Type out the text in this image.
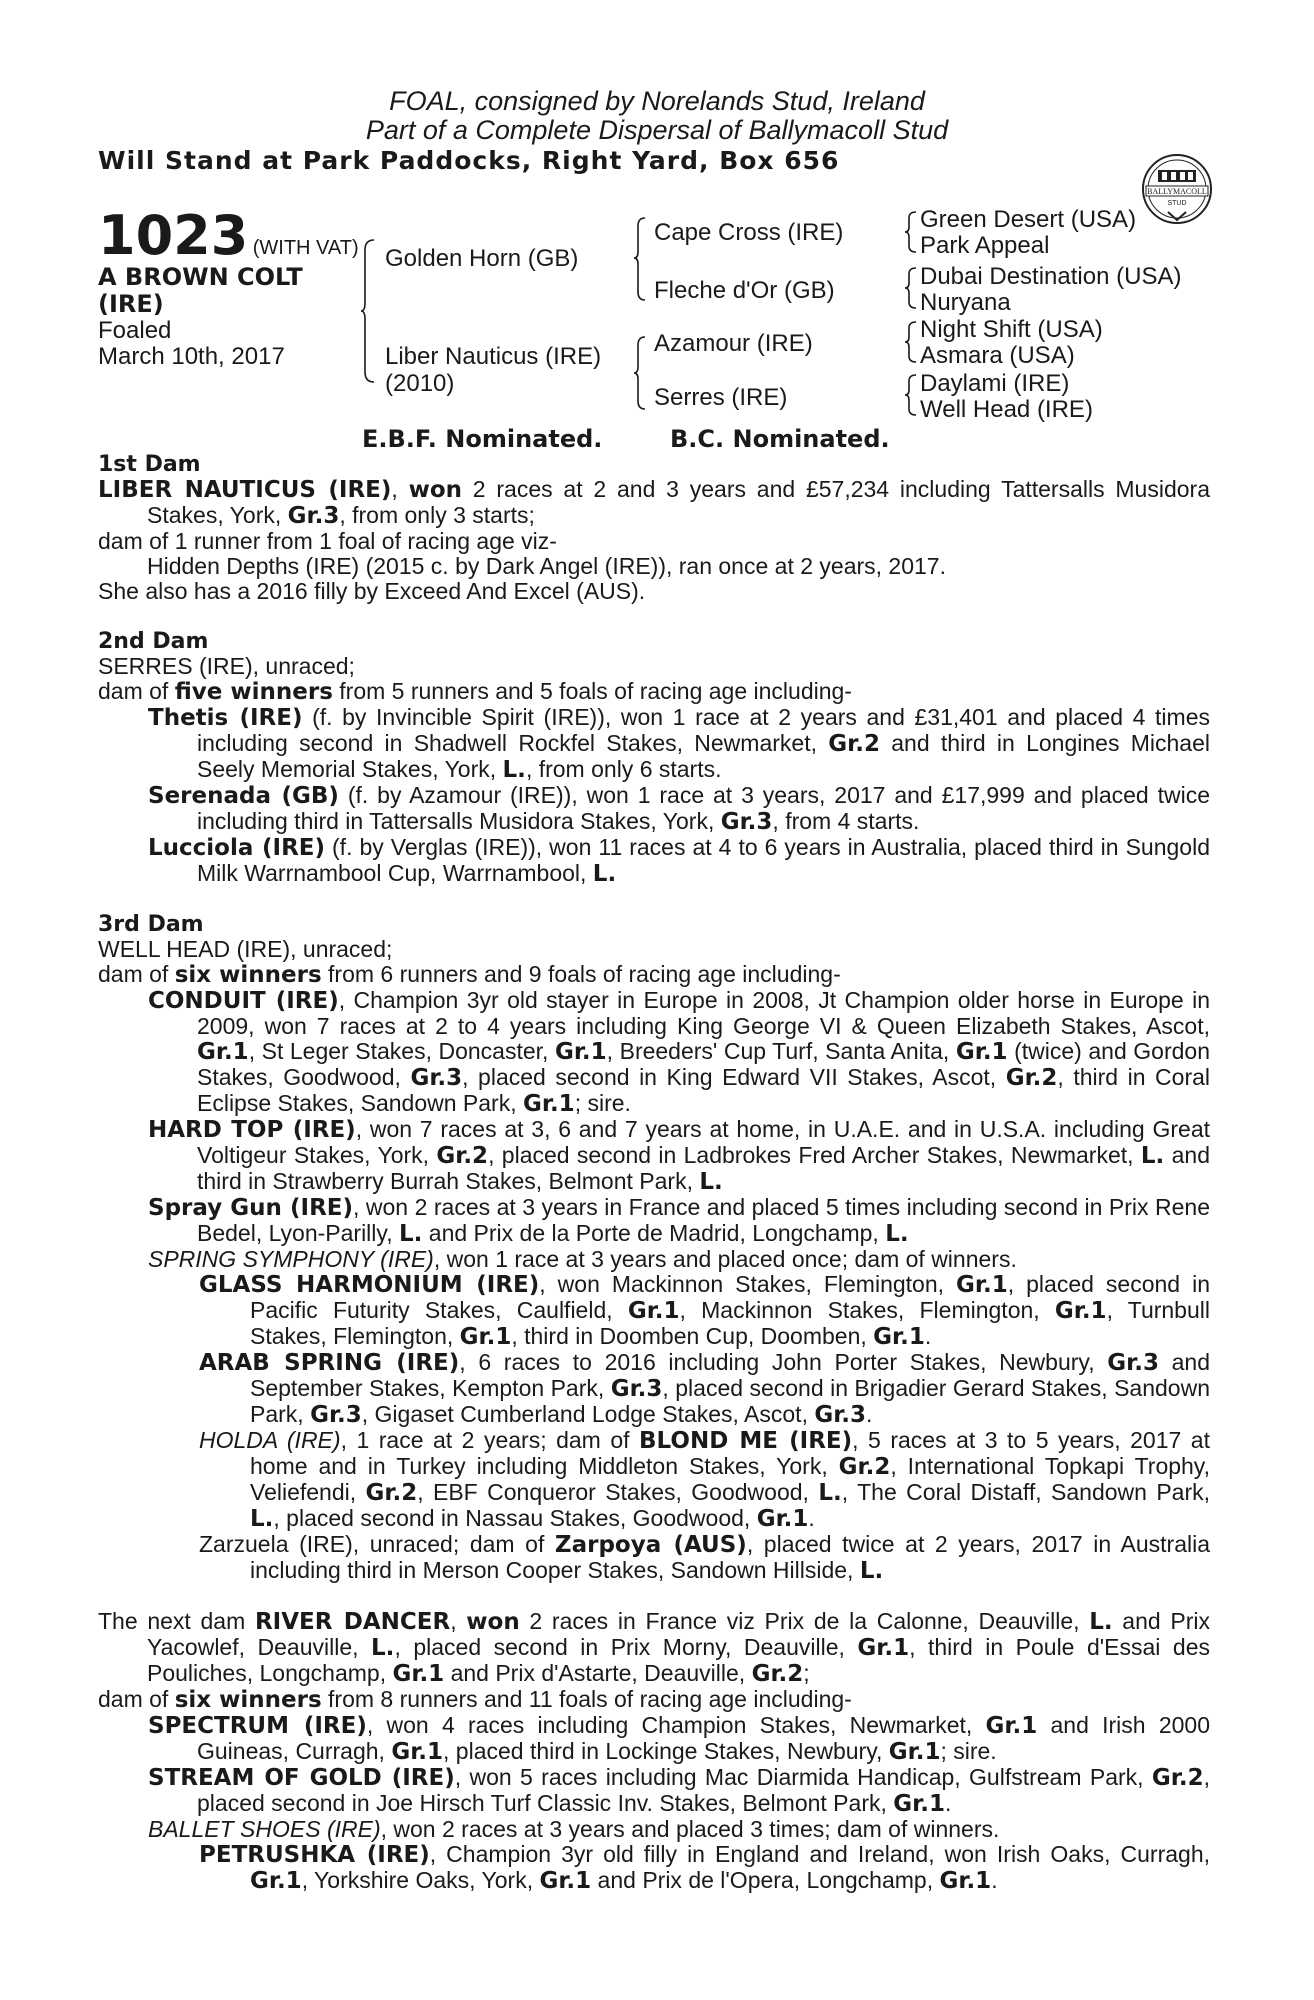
FOAL, consigned by Norelands Stud, Ireland
Part of a Complete Dispersal of Ballymacoll Stud
Will Stand at Park Paddocks, Right Yard, Box 656
BALLYMACOLL
STUD
1023 (WITH VAT)
A BROWN COLT
(IRE)
Foaled
March 10th, 2017
Golden Horn (GB)
Liber Nauticus (IRE)
(2010)
Cape Cross (IRE)
Fleche d'Or (GB)
Azamour (IRE)
Serres (IRE)
Green Desert (USA)
Park Appeal
Dubai Destination (USA)
Nuryana
Night Shift (USA)
Asmara (USA)
Daylami (IRE)
Well Head (IRE)
E.B.F. Nominated.	B.C. Nominated.
1st Dam
LIBER NAUTICUS (IRE), won 2 races at 2 and 3 years and £57,234 including Tattersalls Musidora Stakes, York, Gr.3, from only 3 starts;
dam of 1 runner from 1 foal of racing age viz-
Hidden Depths (IRE) (2015 c. by Dark Angel (IRE)), ran once at 2 years, 2017.
She also has a 2016 filly by Exceed And Excel (AUS).
2nd Dam
SERRES (IRE), unraced;
dam of five winners from 5 runners and 5 foals of racing age including-
Thetis (IRE) (f. by Invincible Spirit (IRE)), won 1 race at 2 years and £31,401 and placed 4 times including second in Shadwell Rockfel Stakes, Newmarket, Gr.2 and third in Longines Michael Seely Memorial Stakes, York, L., from only 6 starts.
Serenada (GB) (f. by Azamour (IRE)), won 1 race at 3 years, 2017 and £17,999 and placed twice including third in Tattersalls Musidora Stakes, York, Gr.3, from 4 starts.
Lucciola (IRE) (f. by Verglas (IRE)), won 11 races at 4 to 6 years in Australia, placed third in Sungold Milk Warrnambool Cup, Warrnambool, L.
3rd Dam
WELL HEAD (IRE), unraced;
dam of six winners from 6 runners and 9 foals of racing age including-
CONDUIT (IRE), Champion 3yr old stayer in Europe in 2008, Jt Champion older horse in Europe in 2009, won 7 races at 2 to 4 years including King George VI & Queen Elizabeth Stakes, Ascot, Gr.1, St Leger Stakes, Doncaster, Gr.1, Breeders' Cup Turf, Santa Anita, Gr.1 (twice) and Gordon Stakes, Goodwood, Gr.3, placed second in King Edward VII Stakes, Ascot, Gr.2, third in Coral Eclipse Stakes, Sandown Park, Gr.1; sire.
HARD TOP (IRE), won 7 races at 3, 6 and 7 years at home, in U.A.E. and in U.S.A. including Great Voltigeur Stakes, York, Gr.2, placed second in Ladbrokes Fred Archer Stakes, Newmarket, L. and third in Strawberry Burrah Stakes, Belmont Park, L.
Spray Gun (IRE), won 2 races at 3 years in France and placed 5 times including second in Prix Rene Bedel, Lyon-Parilly, L. and Prix de la Porte de Madrid, Longchamp, L.
SPRING SYMPHONY (IRE), won 1 race at 3 years and placed once; dam of winners.
GLASS HARMONIUM (IRE), won Mackinnon Stakes, Flemington, Gr.1, placed second in Pacific Futurity Stakes, Caulfield, Gr.1, Mackinnon Stakes, Flemington, Gr.1, Turnbull Stakes, Flemington, Gr.1, third in Doomben Cup, Doomben, Gr.1.
ARAB SPRING (IRE), 6 races to 2016 including John Porter Stakes, Newbury, Gr.3 and September Stakes, Kempton Park, Gr.3, placed second in Brigadier Gerard Stakes, Sandown Park, Gr.3, Gigaset Cumberland Lodge Stakes, Ascot, Gr.3.
HOLDA (IRE), 1 race at 2 years; dam of BLOND ME (IRE), 5 races at 3 to 5 years, 2017 at home and in Turkey including Middleton Stakes, York, Gr.2, International Topkapi Trophy, Veliefendi, Gr.2, EBF Conqueror Stakes, Goodwood, L., The Coral Distaff, Sandown Park, L., placed second in Nassau Stakes, Goodwood, Gr.1.
Zarzuela (IRE), unraced; dam of Zarpoya (AUS), placed twice at 2 years, 2017 in Australia including third in Merson Cooper Stakes, Sandown Hillside, L.
The next dam RIVER DANCER, won 2 races in France viz Prix de la Calonne, Deauville, L. and Prix Yacowlef, Deauville, L., placed second in Prix Morny, Deauville, Gr.1, third in Poule d'Essai des Pouliches, Longchamp, Gr.1 and Prix d'Astarte, Deauville, Gr.2;
dam of six winners from 8 runners and 11 foals of racing age including-
SPECTRUM (IRE), won 4 races including Champion Stakes, Newmarket, Gr.1 and Irish 2000 Guineas, Curragh, Gr.1, placed third in Lockinge Stakes, Newbury, Gr.1; sire.
STREAM OF GOLD (IRE), won 5 races including Mac Diarmida Handicap, Gulfstream Park, Gr.2, placed second in Joe Hirsch Turf Classic Inv. Stakes, Belmont Park, Gr.1.
BALLET SHOES (IRE), won 2 races at 3 years and placed 3 times; dam of winners.
PETRUSHKA (IRE), Champion 3yr old filly in England and Ireland, won Irish Oaks, Curragh, Gr.1, Yorkshire Oaks, York, Gr.1 and Prix de l'Opera, Longchamp, Gr.1.
